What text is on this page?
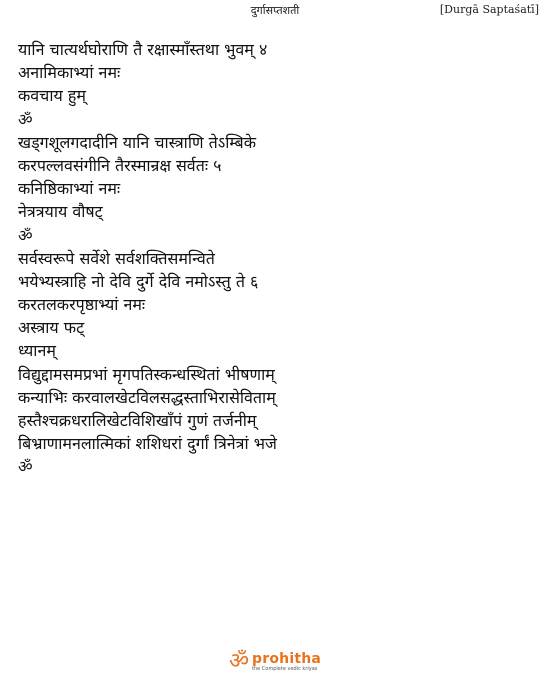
दुर्गासप्तशती	[Durgā Saptaśatī]
यानि चात्यर्थघोराणि तै रक्षास्माँस्तथा भुवम् ४
अनामिकाभ्यां नमः
कवचाय हुम्
ॐ
खड्गशूलगदादीनि यानि चास्त्राणि तेऽम्बिके
करपल्लवसंगीनि तैरस्मान्रक्ष सर्वतः ५
कनिष्ठिकाभ्यां नमः
नेत्रत्रयाय वौषट्
ॐ
सर्वस्वरूपे सर्वेशे सर्वशक्तिसमन्विते
भयेभ्यस्त्राहि नो देवि दुर्गे देवि नमोऽस्तु ते ६
करतलकरपृष्ठाभ्यां नमः
अस्त्राय फट्
ध्यानम्
विद्युद्दामसमप्रभां मृगपतिस्कन्धस्थितां भीषणाम्
कन्याभिः करवालखेटविलसद्धस्ताभिरासेविताम्
हस्तैश्चक्रधरालिखेटविशिखाँपं गुणं तर्जनीम्
बिभ्राणामनलात्मिकां शशिधरां दुर्गां त्रिनेत्रां भजे
ॐ
ॐ prohitha
the Complete vedic kriyas
